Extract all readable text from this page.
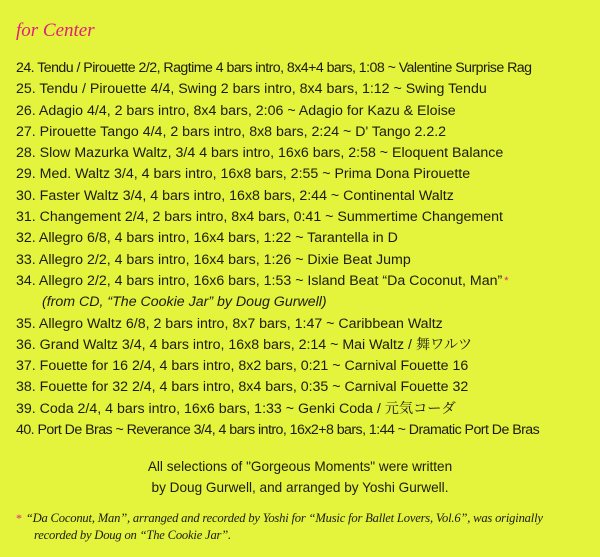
for Center
24. Tendu / Pirouette 2/2, Ragtime 4 bars intro, 8x4+4 bars, 1:08 ~ Valentine Surprise Rag
25. Tendu / Pirouette 4/4, Swing 2 bars intro, 8x4 bars, 1:12 ~ Swing Tendu
26. Adagio 4/4, 2 bars intro, 8x4 bars, 2:06 ~ Adagio for Kazu & Eloise
27. Pirouette Tango 4/4, 2 bars intro, 8x8 bars, 2:24 ~ D' Tango 2.2.2
28. Slow Mazurka Waltz, 3/4 4 bars intro, 16x6 bars, 2:58 ~ Eloquent Balance
29. Med. Waltz 3/4, 4 bars intro, 16x8 bars, 2:55 ~ Prima Dona Pirouette
30. Faster Waltz 3/4, 4 bars intro, 16x8 bars, 2:44 ~ Continental Waltz
31. Changement 2/4, 2 bars intro, 8x4 bars, 0:41 ~ Summertime Changement
32. Allegro 6/8, 4 bars intro, 16x4 bars, 1:22 ~ Tarantella in D
33. Allegro 2/2, 4 bars intro, 16x4 bars, 1:26 ~ Dixie Beat Jump
34. Allegro 2/2, 4 bars intro, 16x6 bars, 1:53 ~ Island Beat “Da Coconut, Man” *
(from CD, “The Cookie Jar” by Doug Gurwell)
35. Allegro Waltz 6/8, 2 bars intro, 8x7 bars, 1:47 ~ Caribbean Waltz
36. Grand Waltz 3/4, 4 bars intro, 16x8 bars, 2:14 ~ Mai Waltz / 舞ワルツ
37. Fouette for 16 2/4, 4 bars intro, 8x2 bars, 0:21 ~ Carnival Fouette 16
38. Fouette for 32 2/4, 4 bars intro, 8x4 bars, 0:35 ~ Carnival Fouette 32
39. Coda 2/4, 4 bars intro, 16x6 bars, 1:33 ~ Genki Coda / 元気コーダ
40. Port De Bras ~ Reverance 3/4, 4 bars intro, 16x2+8 bars, 1:44 ~ Dramatic Port De Bras
All selections of "Gorgeous Moments" were written
by Doug Gurwell, and arranged by Yoshi Gurwell.
* “Da Coconut, Man”, arranged and recorded by Yoshi for “Music for Ballet Lovers, Vol.6”, was originally
recorded by Doug on “The Cookie Jar”.
